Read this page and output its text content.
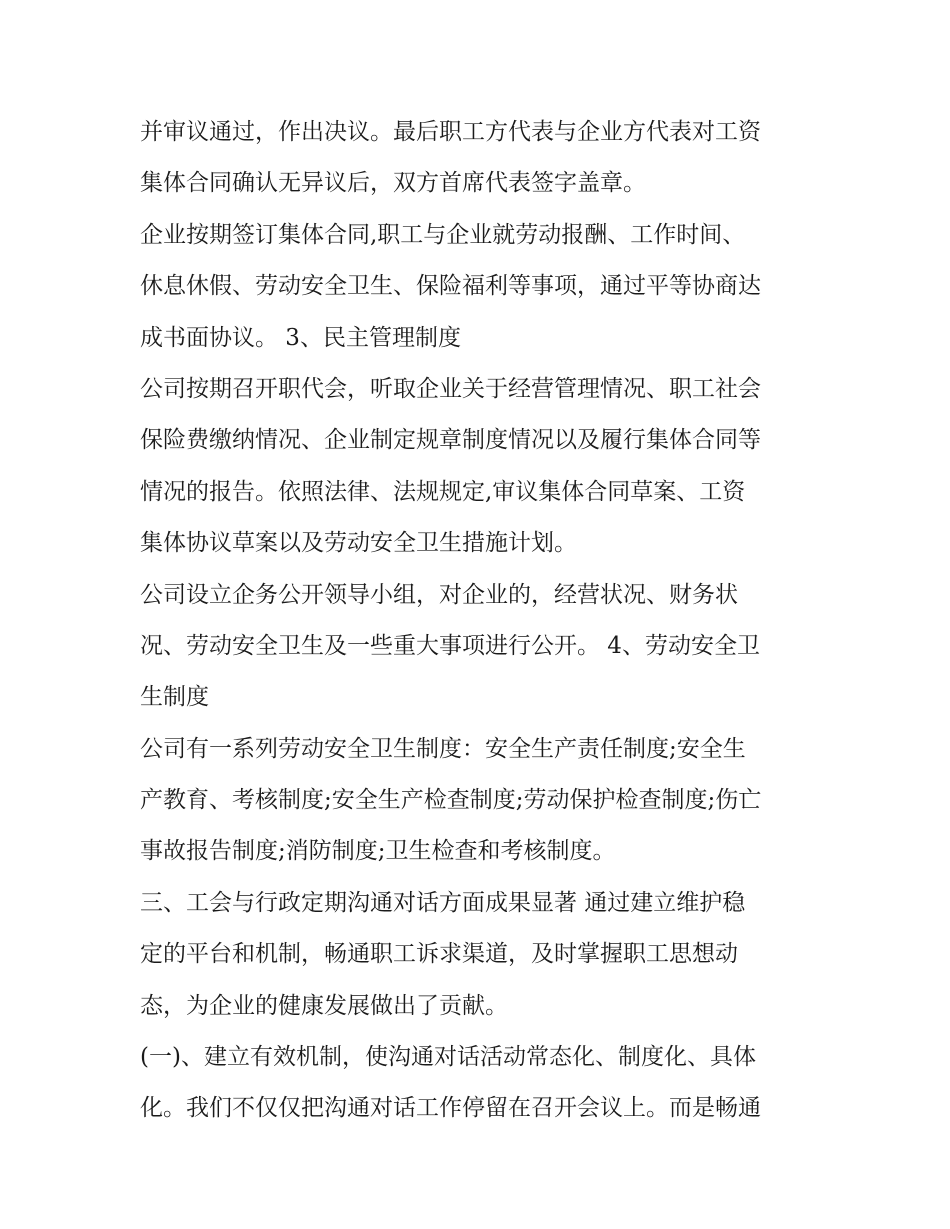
并审议通过，作出决议。最后职工方代表与企业方代表对工资
集体合同确认无异议后，双方首席代表签字盖章。
企业按期签订集体合同,职工与企业就劳动报酬、工作时间、
休息休假、劳动安全卫生、保险福利等事项，通过平等协商达
成书面协议。 3、民主管理制度
公司按期召开职代会，听取企业关于经营管理情况、职工社会
保险费缴纳情况、企业制定规章制度情况以及履行集体合同等
情况的报告。依照法律、法规规定,审议集体合同草案、工资
集体协议草案以及劳动安全卫生措施计划。
公司设立企务公开领导小组，对企业的，经营状况、财务状
况、劳动安全卫生及一些重大事项进行公开。 4、劳动安全卫
生制度
公司有一系列劳动安全卫生制度：安全生产责任制度;安全生
产教育、考核制度;安全生产检查制度;劳动保护检查制度;伤亡
事故报告制度;消防制度;卫生检查和考核制度。
三、工会与行政定期沟通对话方面成果显著 通过建立维护稳
定的平台和机制，畅通职工诉求渠道，及时掌握职工思想动
态，为企业的健康发展做出了贡献。
(一)、建立有效机制，使沟通对话活动常态化、制度化、具体
化。我们不仅仅把沟通对话工作停留在召开会议上。而是畅通
